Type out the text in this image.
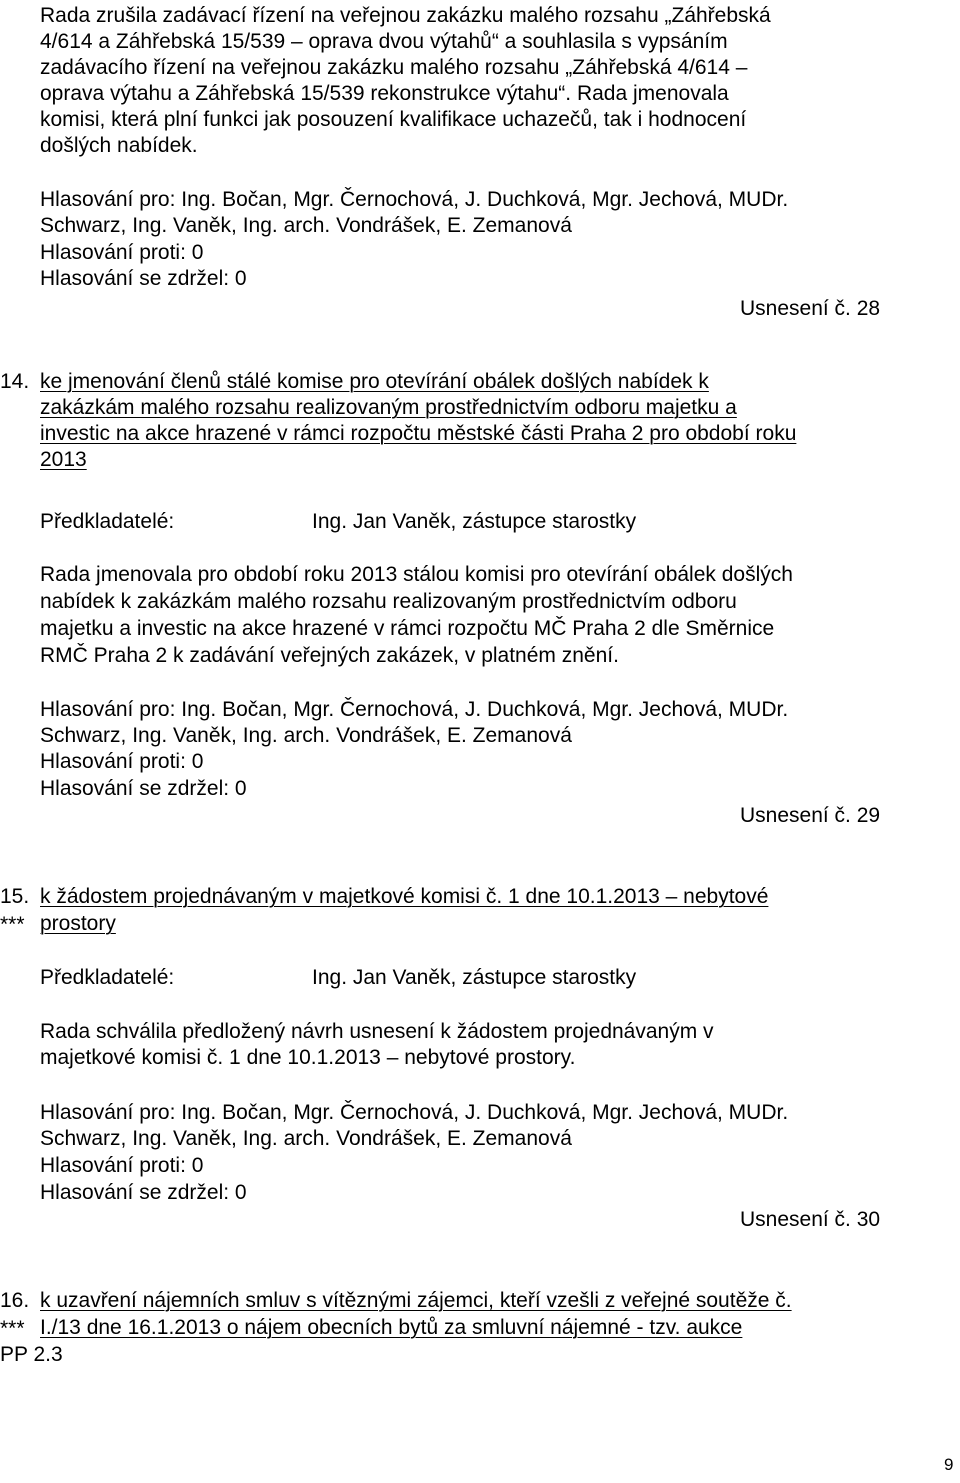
Rada zrušila zadávací řízení na veřejnou zakázku malého rozsahu „Záhřebská
4/614 a Záhřebská 15/539 – oprava dvou výtahů“ a souhlasila s vypsáním
zadávacího řízení na veřejnou zakázku malého rozsahu „Záhřebská 4/614 –
oprava výtahu a Záhřebská 15/539 rekonstrukce výtahu“. Rada jmenovala
komisi, která plní funkci jak posouzení kvalifikace uchazečů, tak i hodnocení
došlých nabídek.
Hlasování pro: Ing. Bočan, Mgr. Černochová, J. Duchková, Mgr. Jechová, MUDr.
Schwarz, Ing. Vaněk, Ing. arch. Vondrášek, E. Zemanová
Hlasování proti: 0
Hlasování se zdržel: 0
Usnesení č. 28
14. ke jmenování členů stálé komise pro otevírání obálek došlých nabídek k
zakázkám malého rozsahu realizovaným prostřednictvím odboru majetku a
investic na akce hrazené v rámci rozpočtu městské části Praha 2 pro období roku
2013
Předkladatelé:	Ing. Jan Vaněk, zástupce starostky
Rada jmenovala pro období roku 2013 stálou komisi pro otevírání obálek došlých
nabídek k zakázkám malého rozsahu realizovaným prostřednictvím odboru
majetku a investic na akce hrazené v rámci rozpočtu MČ Praha 2 dle Směrnice
RMČ Praha 2 k zadávání veřejných zakázek, v platném znění.
Hlasování pro: Ing. Bočan, Mgr. Černochová, J. Duchková, Mgr. Jechová, MUDr.
Schwarz, Ing. Vaněk, Ing. arch. Vondrášek, E. Zemanová
Hlasování proti: 0
Hlasování se zdržel: 0
Usnesení č. 29
15.
***
k žádostem projednávaným v majetkové komisi č. 1 dne 10.1.2013 – nebytové
prostory
Předkladatelé:	Ing. Jan Vaněk, zástupce starostky
Rada schválila předložený návrh usnesení k žádostem projednávaným v
majetkové komisi č. 1 dne 10.1.2013 – nebytové prostory.
Hlasování pro: Ing. Bočan, Mgr. Černochová, J. Duchková, Mgr. Jechová, MUDr.
Schwarz, Ing. Vaněk, Ing. arch. Vondrášek, E. Zemanová
Hlasování proti: 0
Hlasování se zdržel: 0
Usnesení č. 30
16.
***
k uzavření nájemních smluv s vítěznými zájemci, kteří vzešli z veřejné soutěže č.
I./13 dne 16.1.2013 o nájem obecních bytů za smluvní nájemné - tzv. aukce
PP 2.3
9
